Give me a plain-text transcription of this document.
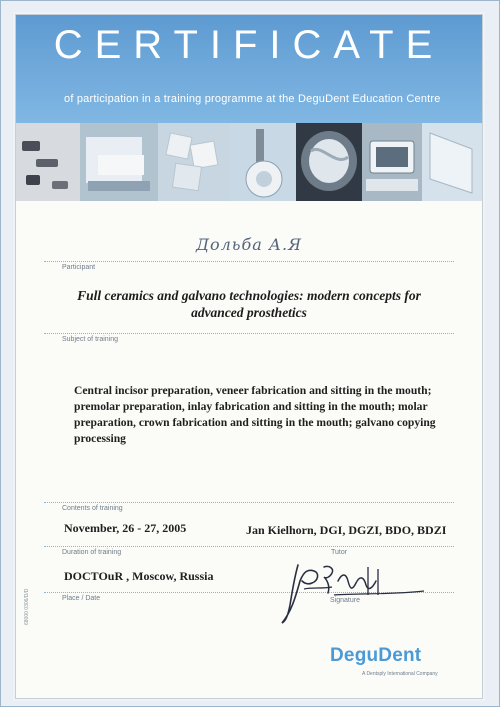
CERTIFICATE
of participation in a training programme at the DeguDent Education Centre
Дольба А.Я
Participant
Full ceramics and galvano technologies: modern concepts for advanced prosthetics
Subject of training
Central incisor preparation, veneer fabrication and sitting in the mouth; premolar preparation, inlay fabrication and sitting in the mouth; molar preparation, crown fabrication and sitting in the mouth; galvano copying processing
Contents of training
November, 26 - 27, 2005	Jan Kielhorn, DGI, DGZI, BDO, BDZI
Duration of training	Tutor
DOCTOuR , Moscow, Russia
Place / Date	Signature
DeguDent
A Dentsply International Company
68000 0306/D/D
